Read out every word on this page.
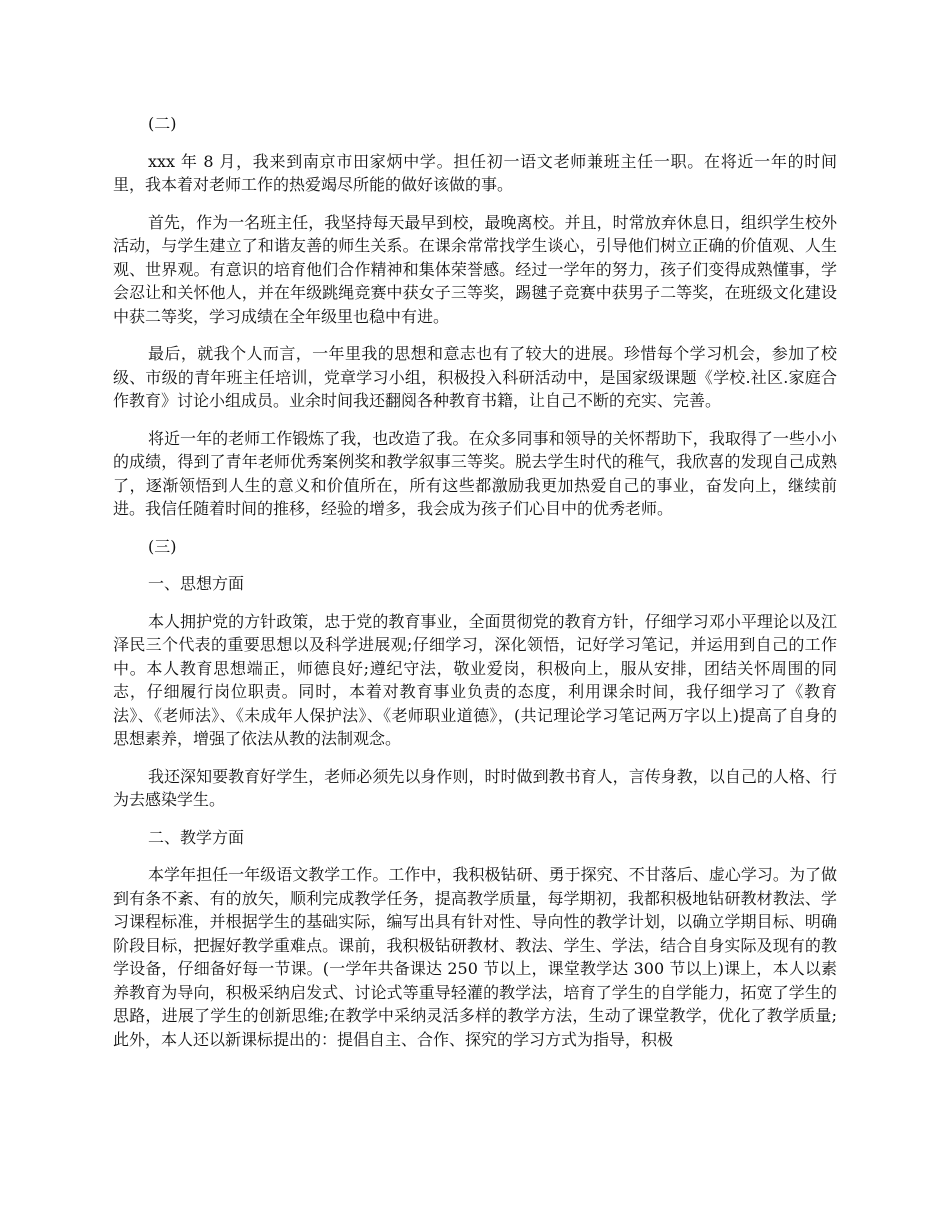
(二)

xxx 年 8 月，我来到南京市田家炳中学。担任初一语文老师兼班主任一职。在将近一年的时间里，我本着对老师工作的热爱竭尽所能的做好该做的事。

首先，作为一名班主任，我坚持每天最早到校，最晚离校。并且，时常放弃休息日，组织学生校外活动，与学生建立了和谐友善的师生关系。在课余常常找学生谈心，引导他们树立正确的价值观、人生观、世界观。有意识的培育他们合作精神和集体荣誉感。经过一学年的努力，孩子们变得成熟懂事，学会忍让和关怀他人，并在年级跳绳竞赛中获女子三等奖，踢毽子竞赛中获男子二等奖，在班级文化建设中获二等奖，学习成绩在全年级里也稳中有进。

最后，就我个人而言，一年里我的思想和意志也有了较大的进展。珍惜每个学习机会，参加了校级、市级的青年班主任培训，党章学习小组，积极投入科研活动中，是国家级课题《学校.社区.家庭合作教育》讨论小组成员。业余时间我还翻阅各种教育书籍，让自己不断的充实、完善。

将近一年的老师工作锻炼了我，也改造了我。在众多同事和领导的关怀帮助下，我取得了一些小小的成绩，得到了青年老师优秀案例奖和教学叙事三等奖。脱去学生时代的稚气，我欣喜的发现自己成熟了，逐渐领悟到人生的意义和价值所在，所有这些都激励我更加热爱自己的事业，奋发向上，继续前进。我信任随着时间的推移，经验的增多，我会成为孩子们心目中的优秀老师。

(三)

一、思想方面

本人拥护党的方针政策，忠于党的教育事业，全面贯彻党的教育方针，仔细学习邓小平理论以及江泽民三个代表的重要思想以及科学进展观;仔细学习，深化领悟，记好学习笔记，并运用到自己的工作中。本人教育思想端正，师德良好;遵纪守法，敬业爱岗，积极向上，服从安排，团结关怀周围的同志，仔细履行岗位职责。同时，本着对教育事业负责的态度，利用课余时间，我仔细学习了《教育法》、《老师法》、《未成年人保护法》、《老师职业道德》，(共记理论学习笔记两万字以上)提高了自身的思想素养，增强了依法从教的法制观念。

我还深知要教育好学生，老师必须先以身作则，时时做到教书育人，言传身教，以自己的人格、行为去感染学生。

二、教学方面

本学年担任一年级语文教学工作。工作中，我积极钻研、勇于探究、不甘落后、虚心学习。为了做到有条不紊、有的放矢，顺利完成教学任务，提高教学质量，每学期初，我都积极地钻研教材教法、学习课程标准，并根据学生的基础实际，编写出具有针对性、导向性的教学计划，以确立学期目标、明确阶段目标，把握好教学重难点。课前，我积极钻研教材、教法、学生、学法，结合自身实际及现有的教学设备，仔细备好每一节课。(一学年共备课达 250 节以上，课堂教学达 300 节以上)课上，本人以素养教育为导向，积极采纳启发式、讨论式等重导轻灌的教学法，培育了学生的自学能力，拓宽了学生的思路，进展了学生的创新思维;在教学中采纳灵活多样的教学方法，生动了课堂教学，优化了教学质量;此外，本人还以新课标提出的：提倡自主、合作、探究的学习方式为指导，积极
